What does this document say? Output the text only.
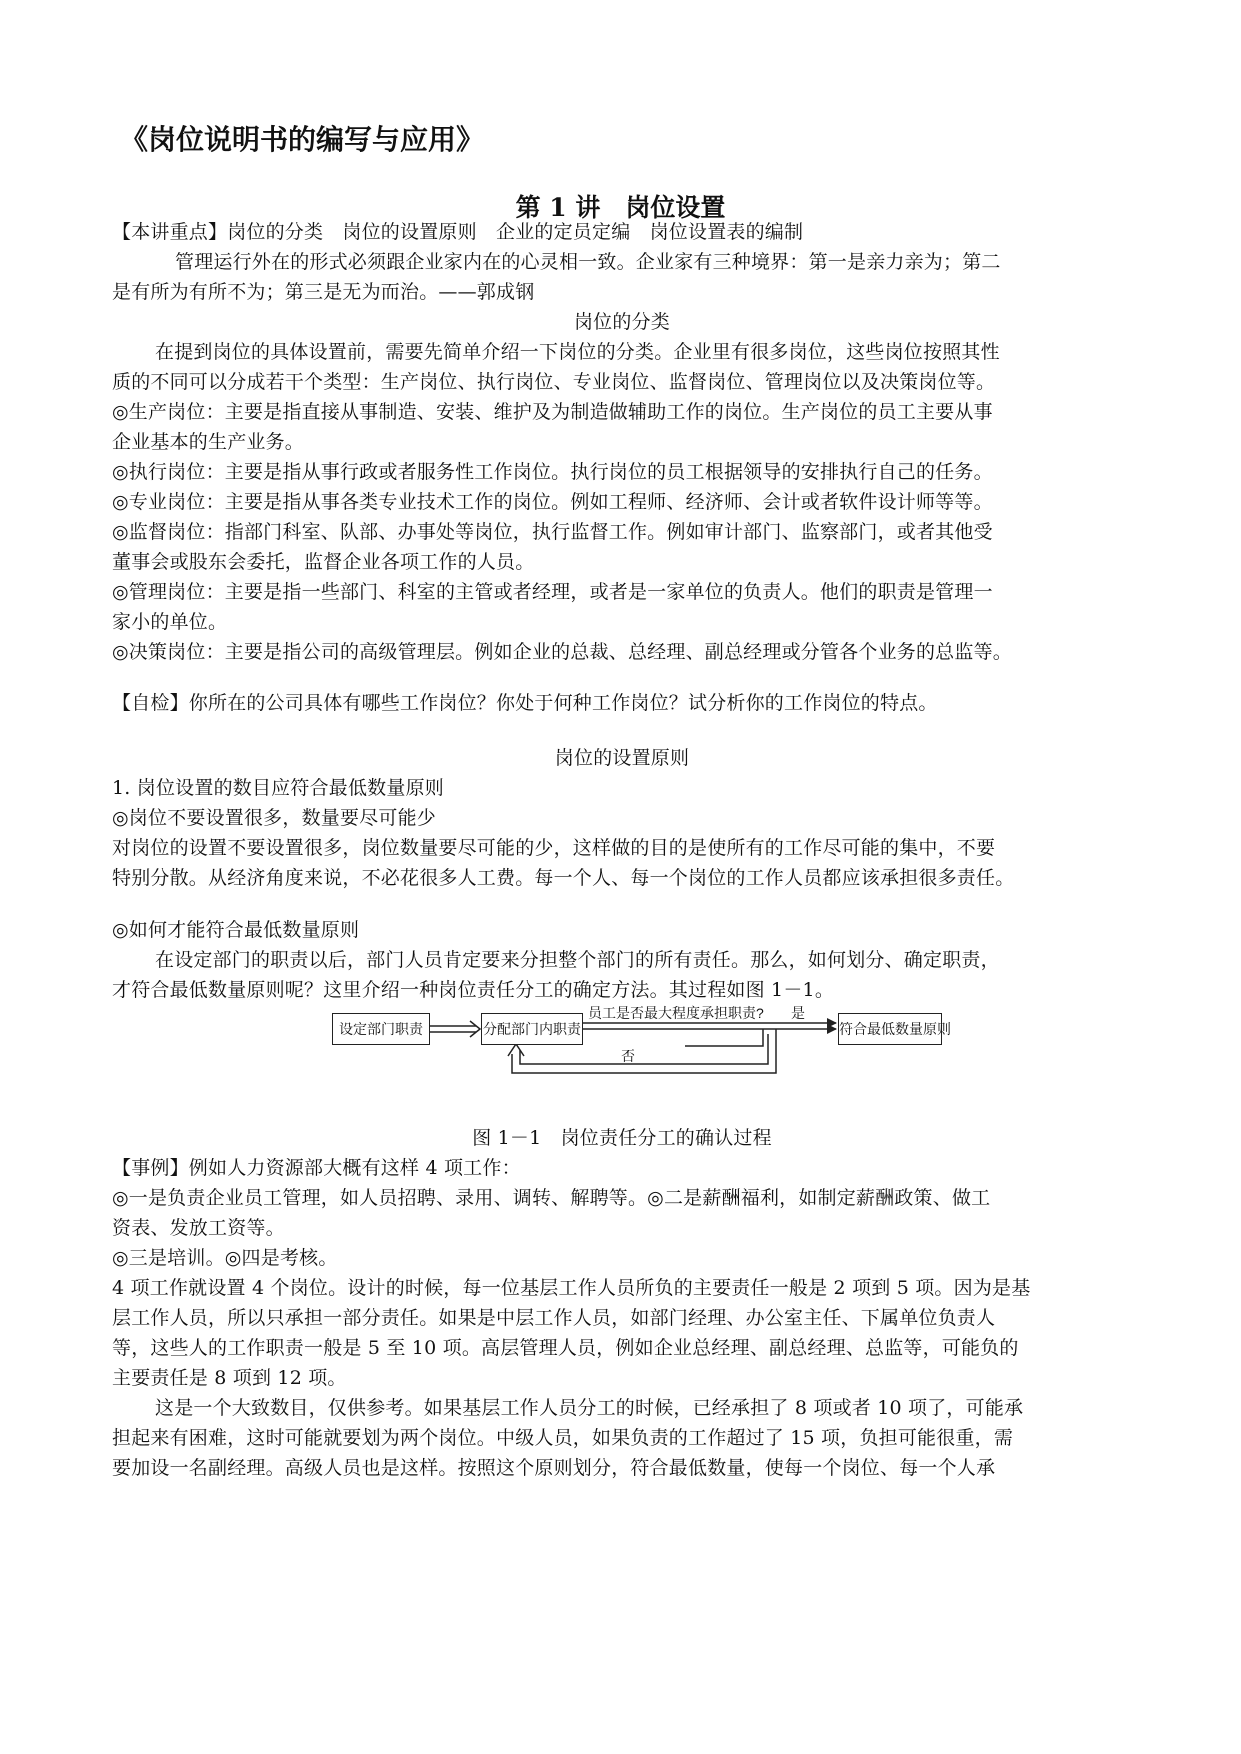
《岗位说明书的编写与应用》
第 1 讲　岗位设置
【本讲重点】岗位的分类　岗位的设置原则　企业的定员定编　岗位设置表的编制
管理运行外在的形式必须跟企业家内在的心灵相一致。企业家有三种境界：第一是亲力亲为；第二
是有所为有所不为；第三是无为而治。——郭成钢
岗位的分类
在提到岗位的具体设置前，需要先简单介绍一下岗位的分类。企业里有很多岗位，这些岗位按照其性
质的不同可以分成若干个类型：生产岗位、执行岗位、专业岗位、监督岗位、管理岗位以及决策岗位等。
◎生产岗位：主要是指直接从事制造、安装、维护及为制造做辅助工作的岗位。生产岗位的员工主要从事
企业基本的生产业务。
◎执行岗位：主要是指从事行政或者服务性工作岗位。执行岗位的员工根据领导的安排执行自己的任务。
◎专业岗位：主要是指从事各类专业技术工作的岗位。例如工程师、经济师、会计或者软件设计师等等。
◎监督岗位：指部门科室、队部、办事处等岗位，执行监督工作。例如审计部门、监察部门，或者其他受
董事会或股东会委托，监督企业各项工作的人员。
◎管理岗位：主要是指一些部门、科室的主管或者经理，或者是一家单位的负责人。他们的职责是管理一
家小的单位。
◎决策岗位：主要是指公司的高级管理层。例如企业的总裁、总经理、副总经理或分管各个业务的总监等。
【自检】你所在的公司具体有哪些工作岗位？你处于何种工作岗位？试分析你的工作岗位的特点。
岗位的设置原则
1. 岗位设置的数目应符合最低数量原则
◎岗位不要设置很多，数量要尽可能少
对岗位的设置不要设置很多，岗位数量要尽可能的少，这样做的目的是使所有的工作尽可能的集中，不要
特别分散。从经济角度来说，不必花很多人工费。每一个人、每一个岗位的工作人员都应该承担很多责任。
◎如何才能符合最低数量原则
在设定部门的职责以后，部门人员肯定要来分担整个部门的所有责任。那么，如何划分、确定职责，
才符合最低数量原则呢？这里介绍一种岗位责任分工的确定方法。其过程如图 1－1。
设定部门职责	分配部门内职责	符合最低数量原则
员工是否最大程度承担职责? 是
否
图 1－1　岗位责任分工的确认过程
【事例】例如人力资源部大概有这样 4 项工作：
◎一是负责企业员工管理，如人员招聘、录用、调转、解聘等。◎二是薪酬福利，如制定薪酬政策、做工
资表、发放工资等。
◎三是培训。◎四是考核。
4 项工作就设置 4 个岗位。设计的时候，每一位基层工作人员所负的主要责任一般是 2 项到 5 项。因为是基
层工作人员，所以只承担一部分责任。如果是中层工作人员，如部门经理、办公室主任、下属单位负责人
等，这些人的工作职责一般是 5 至 10 项。高层管理人员，例如企业总经理、副总经理、总监等，可能负的
主要责任是 8 项到 12 项。
这是一个大致数目，仅供参考。如果基层工作人员分工的时候，已经承担了 8 项或者 10 项了，可能承
担起来有困难，这时可能就要划为两个岗位。中级人员，如果负责的工作超过了 15 项，负担可能很重，需
要加设一名副经理。高级人员也是这样。按照这个原则划分，符合最低数量，使每一个岗位、每一个人承
